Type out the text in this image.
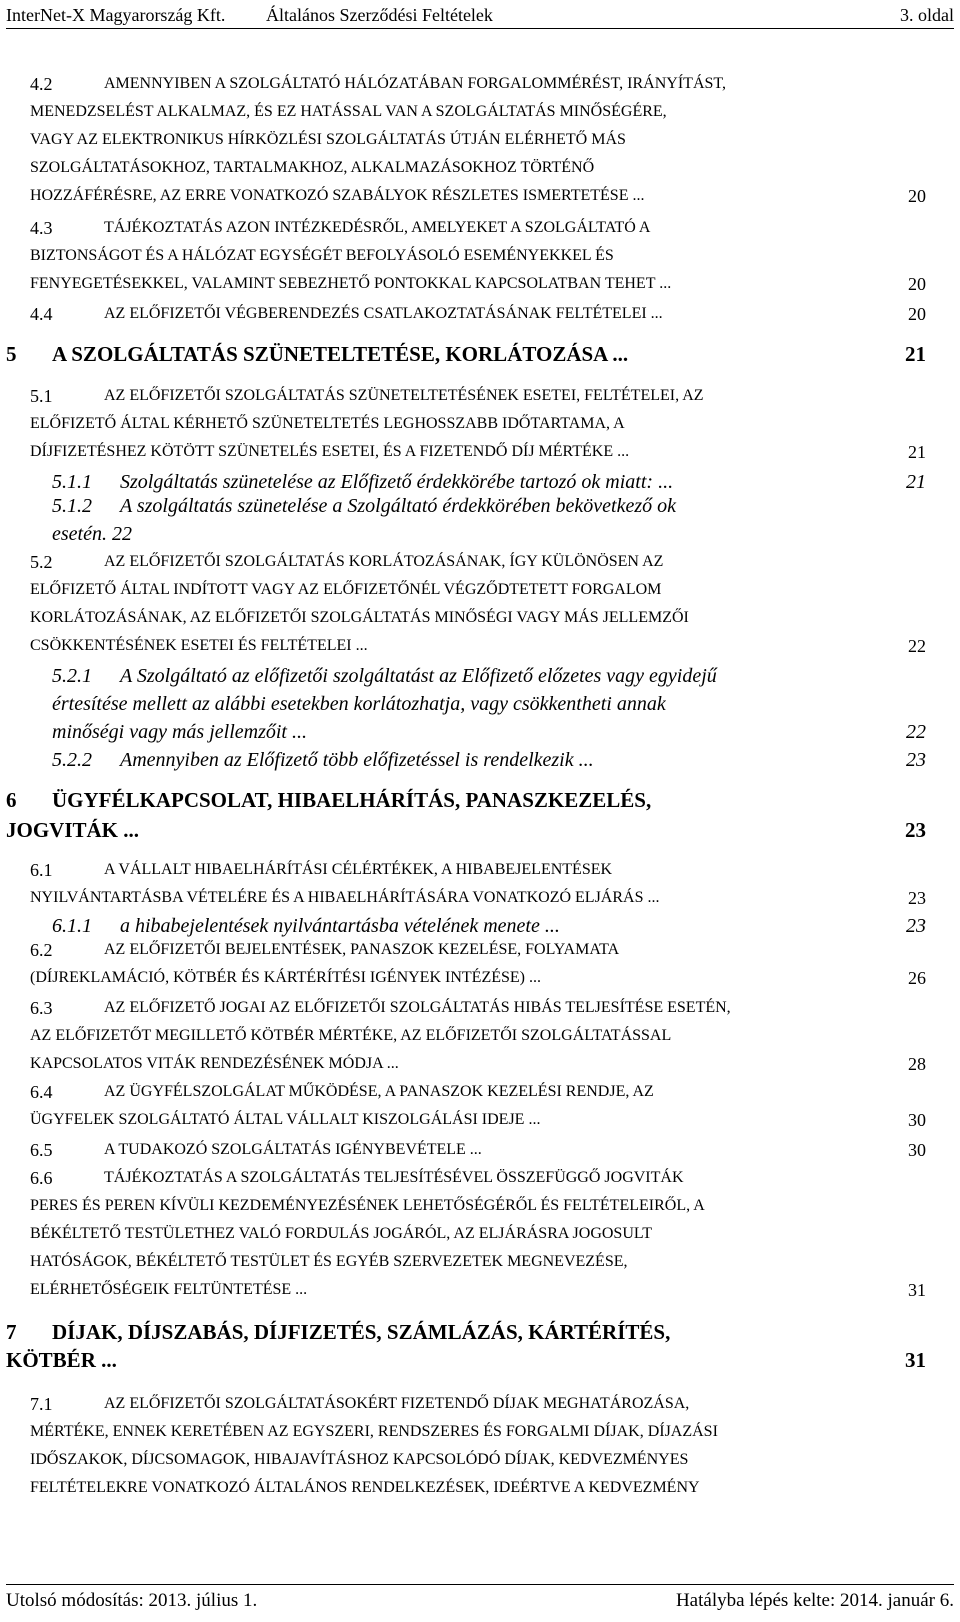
InterNet-X Magyarország Kft. Általános Szerződési Feltételek	3. oldal
4.2	AMENNYIBEN A SZOLGÁLTATÓ HÁLÓZATÁBAN FORGALOMMÉRÉST, IRÁNYÍTÁST,
MENEDZSELÉST ALKALMAZ, ÉS EZ HATÁSSAL VAN A SZOLGÁLTATÁS MINŐSÉGÉRE,
VAGY AZ ELEKTRONIKUS HÍRKÖZLÉSI SZOLGÁLTATÁS ÚTJÁN ELÉRHETŐ MÁS
SZOLGÁLTATÁSOKHOZ, TARTALMAKHOZ, ALKALMAZÁSOKHOZ TÖRTÉNŐ
HOZZÁFÉRÉSRE, AZ ERRE VONATKOZÓ SZABÁLYOK RÉSZLETES ISMERTETÉSE ...	20
4.3	TÁJÉKOZTATÁS AZON INTÉZKEDÉSRŐL, AMELYEKET A SZOLGÁLTATÓ A
BIZTONSÁGOT ÉS A HÁLÓZAT EGYSÉGÉT BEFOLYÁSOLÓ ESEMÉNYEKKEL ÉS
FENYEGETÉSEKKEL, VALAMINT SEBEZHETŐ PONTOKKAL KAPCSOLATBAN TEHET ...	20
4.4	AZ ELŐFIZETŐI VÉGBERENDEZÉS CSATLAKOZTATÁSÁNAK FELTÉTELEI ...	20
5 A SZOLGÁLTATÁS SZÜNETELTETÉSE, KORLÁTOZÁSA ...	21
5.1	AZ ELŐFIZETŐI SZOLGÁLTATÁS SZÜNETELTETÉSÉNEK ESETEI, FELTÉTELEI, AZ
ELŐFIZETŐ ÁLTAL KÉRHETŐ SZÜNETELTETÉS LEGHOSSZABB IDŐTARTAMA, A
DÍJFIZETÉSHEZ KÖTÖTT SZÜNETELÉS ESETEI, ÉS A FIZETENDŐ DÍJ MÉRTÉKE ...	21
5.1.1 Szolgáltatás szünetelése az Előfizető érdekkörébe tartozó ok miatt: ...	21
5.1.2 A szolgáltatás szünetelése a Szolgáltató érdekkörében bekövetkező ok
esetén. 22
5.2	AZ ELŐFIZETŐI SZOLGÁLTATÁS KORLÁTOZÁSÁNAK, ÍGY KÜLÖNÖSEN AZ
ELŐFIZETŐ ÁLTAL INDÍTOTT VAGY AZ ELŐFIZETŐNÉL VÉGZŐDTETETT FORGALOM
KORLÁTOZÁSÁNAK, AZ ELŐFIZETŐI SZOLGÁLTATÁS MINŐSÉGI VAGY MÁS JELLEMZŐI
CSÖKKENTÉSÉNEK ESETEI ÉS FELTÉTELEI ...	22
5.2.1 A Szolgáltató az előfizetői szolgáltatást az Előfizető előzetes vagy egyidejű
értesítése mellett az alábbi esetekben korlátozhatja, vagy csökkentheti annak
minőségi vagy más jellemzőit ...	22
5.2.2 Amennyiben az Előfizető több előfizetéssel is rendelkezik ...	23
6 ÜGYFÉLKAPCSOLAT, HIBAELHÁRÍTÁS, PANASZKEZELÉS,
JOGVITÁK ...	23
6.1	A VÁLLALT HIBAELHÁRÍTÁSI CÉLÉRTÉKEK, A HIBABEJELENTÉSEK
NYILVÁNTARTÁSBA VÉTELÉRE ÉS A HIBAELHÁRÍTÁSÁRA VONATKOZÓ ELJÁRÁS ...	23
6.1.1 a hibabejelentések nyilvántartásba vételének menete ...	23
6.2	AZ ELŐFIZETŐI BEJELENTÉSEK, PANASZOK KEZELÉSE, FOLYAMATA
(DÍJREKLAMÁCIÓ, KÖTBÉR ÉS KÁRTÉRÍTÉSI IGÉNYEK INTÉZÉSE) ...	26
6.3	AZ ELŐFIZETŐ JOGAI AZ ELŐFIZETŐI SZOLGÁLTATÁS HIBÁS TELJESÍTÉSE ESETÉN,
AZ ELŐFIZETŐT MEGILLETŐ KÖTBÉR MÉRTÉKE, AZ ELŐFIZETŐI SZOLGÁLTATÁSSAL
KAPCSOLATOS VITÁK RENDEZÉSÉNEK MÓDJA ...	28
6.4	AZ ÜGYFÉLSZOLGÁLAT MŰKÖDÉSE, A PANASZOK KEZELÉSI RENDJE, AZ
ÜGYFELEK SZOLGÁLTATÓ ÁLTAL VÁLLALT KISZOLGÁLÁSI IDEJE ...	30
6.5	A TUDAKOZÓ SZOLGÁLTATÁS IGÉNYBEVÉTELE ...	30
6.6	TÁJÉKOZTATÁS A SZOLGÁLTATÁS TELJESÍTÉSÉVEL ÖSSZEFÜGGŐ JOGVITÁK
PERES ÉS PEREN KÍVÜLI KEZDEMÉNYEZÉSÉNEK LEHETŐSÉGÉRŐL ÉS FELTÉTELEIRŐL, A
BÉKÉLTETŐ TESTÜLETHEZ VALÓ FORDULÁS JOGÁRÓL, AZ ELJÁRÁSRA JOGOSULT
HATÓSÁGOK, BÉKÉLTETŐ TESTÜLET ÉS EGYÉB SZERVEZETEK MEGNEVEZÉSE,
ELÉRHETŐSÉGEIK FELTÜNTETÉSE ...	31
7 DÍJAK, DÍJSZABÁS, DÍJFIZETÉS, SZÁMLÁZÁS, KÁRTÉRÍTÉS,
KÖTBÉR ...	31
7.1	AZ ELŐFIZETŐI SZOLGÁLTATÁSOKÉRT FIZETENDŐ DÍJAK MEGHATÁROZÁSA,
MÉRTÉKE, ENNEK KERETÉBEN AZ EGYSZERI, RENDSZERES ÉS FORGALMI DÍJAK, DÍJAZÁSI
IDŐSZAKOK, DÍJCSOMAGOK, HIBAJAVÍTÁSHOZ KAPCSOLÓDÓ DÍJAK, KEDVEZMÉNYES
FELTÉTELEKRE VONATKOZÓ ÁLTALÁNOS RENDELKEZÉSEK, IDEÉRTVE A KEDVEZMÉNY
Utolsó módosítás: 2013. július 1.	Hatályba lépés kelte: 2014. január 6.
